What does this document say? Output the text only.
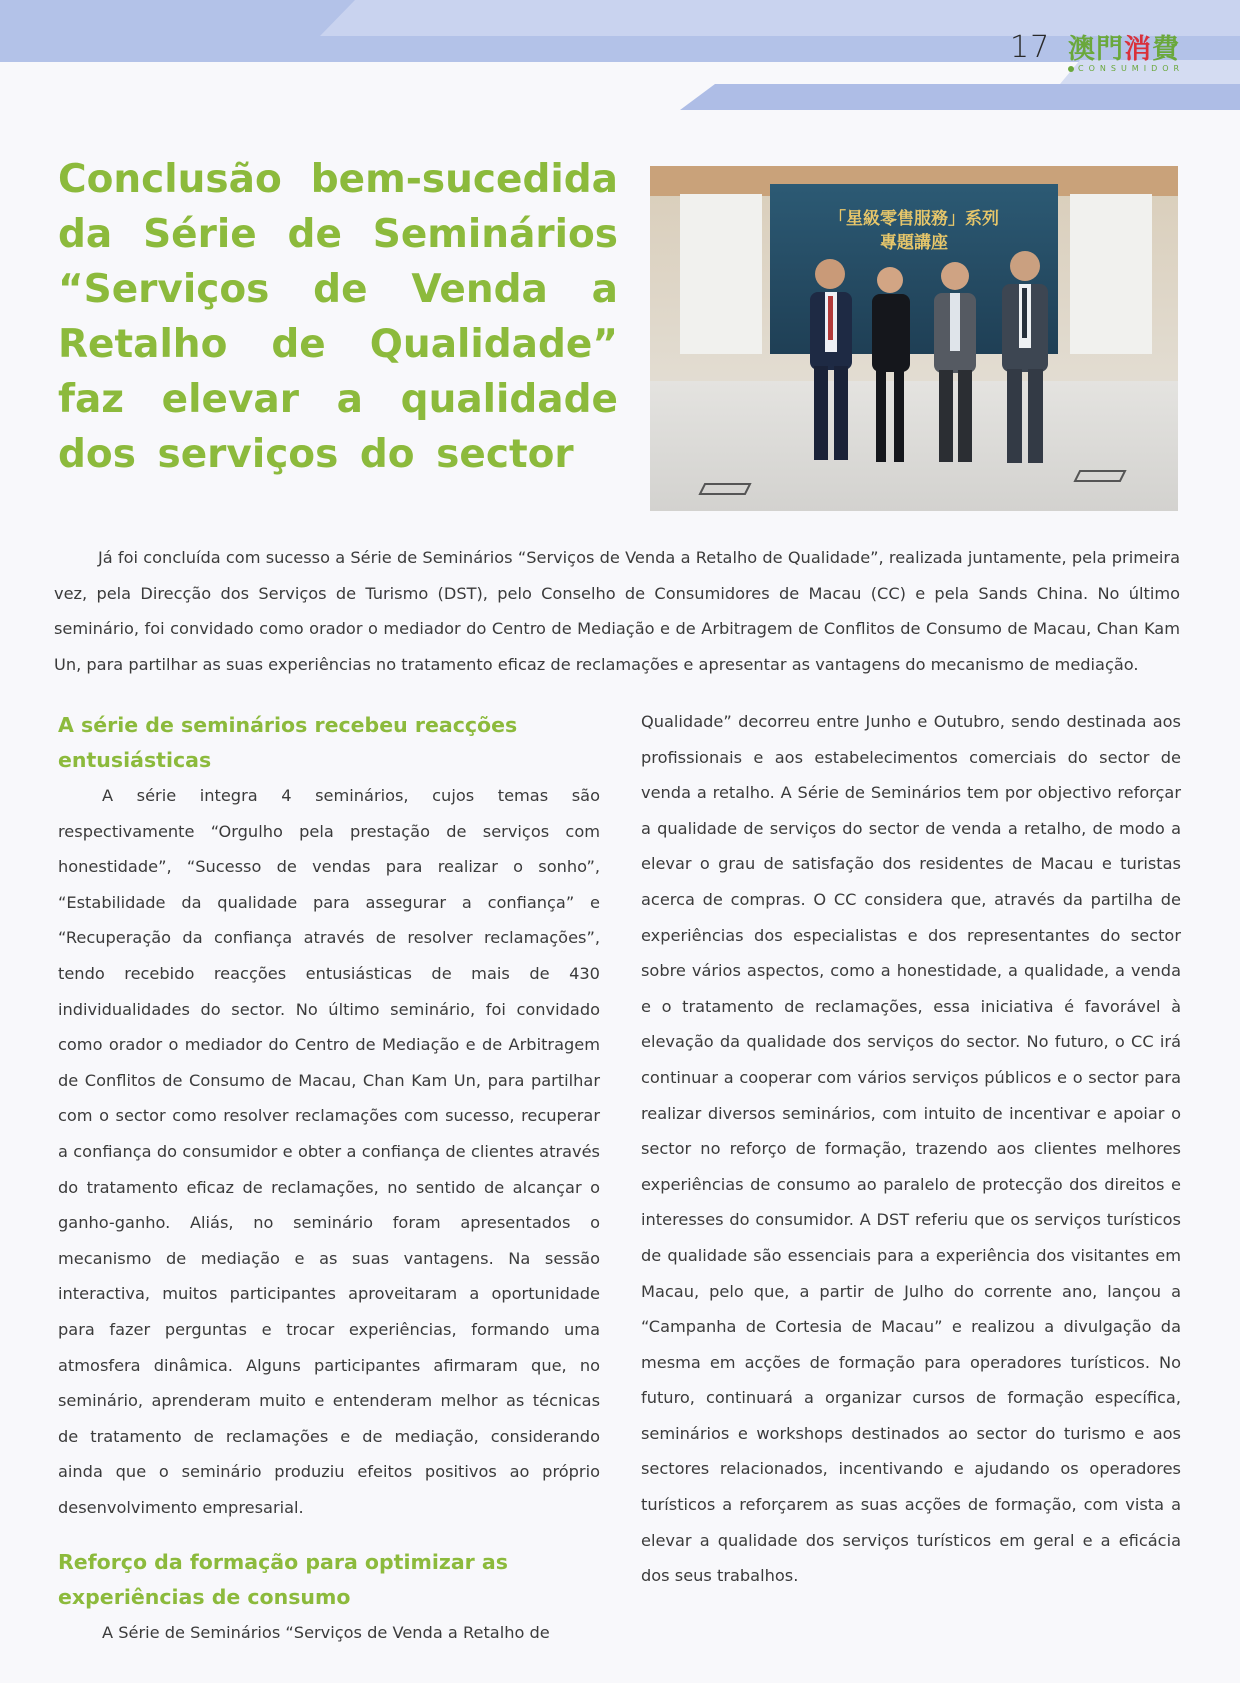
17 澳門消費
CONSUMIDOR
Conclusão bem-sucedida da Série de Seminários “Serviços de Venda a Retalho de Qualidade” faz elevar a qualidade dos serviços do sector
「星級零售服務」系列
專題講座

Já foi concluída com sucesso a Série de Seminários “Serviços de Venda a Retalho de Qualidade”, realizada juntamente, pela primeira vez, pela Direcção dos Serviços de Turismo (DST), pelo Conselho de Consumidores de Macau (CC) e pela Sands China. No último seminário, foi convidado como orador o mediador do Centro de Mediação e de Arbitragem de Conflitos de Consumo de Macau, Chan Kam Un, para partilhar as suas experiências no tratamento eficaz de reclamações e apresentar as vantagens do mecanismo de mediação.

A série de seminários recebeu reacções entusiásticas

A série integra 4 seminários, cujos temas são respectivamente “Orgulho pela prestação de serviços com honestidade”, “Sucesso de vendas para realizar o sonho”, “Estabilidade da qualidade para assegurar a confiança” e “Recuperação da confiança através de resolver reclamações”, tendo recebido reacções entusiásticas de mais de 430 individualidades do sector. No último seminário, foi convidado como orador o mediador do Centro de Mediação e de Arbitragem de Conflitos de Consumo de Macau, Chan Kam Un, para partilhar com o sector como resolver reclamações com sucesso, recuperar a confiança do consumidor e obter a confiança de clientes através do tratamento eficaz de reclamações, no sentido de alcançar o ganho-ganho. Aliás, no seminário foram apresentados o mecanismo de mediação e as suas vantagens. Na sessão interactiva, muitos participantes aproveitaram a oportunidade para fazer perguntas e trocar experiências, formando uma atmosfera dinâmica. Alguns participantes afirmaram que, no seminário, aprenderam muito e entenderam melhor as técnicas de tratamento de reclamações e de mediação, considerando ainda que o seminário produziu efeitos positivos ao próprio desenvolvimento empresarial.

Reforço da formação para optimizar as experiências de consumo

A Série de Seminários “Serviços de Venda a Retalho de

Qualidade” decorreu entre Junho e Outubro, sendo destinada aos profissionais e aos estabelecimentos comerciais do sector de venda a retalho. A Série de Seminários tem por objectivo reforçar a qualidade de serviços do sector de venda a retalho, de modo a elevar o grau de satisfação dos residentes de Macau e turistas acerca de compras. O CC considera que, através da partilha de experiências dos especialistas e dos representantes do sector sobre vários aspectos, como a honestidade, a qualidade, a venda e o tratamento de reclamações, essa iniciativa é favorável à elevação da qualidade dos serviços do sector. No futuro, o CC irá continuar a cooperar com vários serviços públicos e o sector para realizar diversos seminários, com intuito de incentivar e apoiar o sector no reforço de formação, trazendo aos clientes melhores experiências de consumo ao paralelo de protecção dos direitos e interesses do consumidor. A DST referiu que os serviços turísticos de qualidade são essenciais para a experiência dos visitantes em Macau, pelo que, a partir de Julho do corrente ano, lançou a “Campanha de Cortesia de Macau” e realizou a divulgação da mesma em acções de formação para operadores turísticos. No futuro, continuará a organizar cursos de formação específica, seminários e workshops destinados ao sector do turismo e aos sectores relacionados, incentivando e ajudando os operadores turísticos a reforçarem as suas acções de formação, com vista a elevar a qualidade dos serviços turísticos em geral e a eficácia dos seus trabalhos.
